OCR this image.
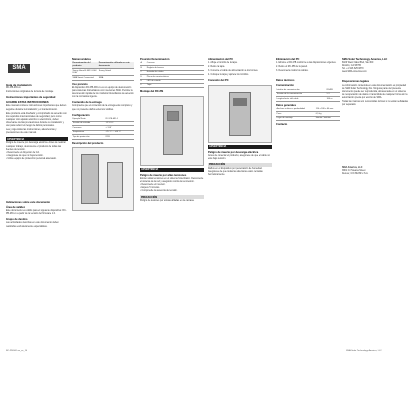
SMA
Guía de instalación
RC-PB-MO-xx
Instrucciones originales de la Guía de montaje
Instrucciones importantes de seguridad
GUARDE ESTAS INSTRUCCIONES
Este manual contiene instrucciones importantes que deben seguirse durante la instalación y el mantenimiento.
Este producto está diseñado y comprobado de acuerdo con los requisitos internacionales de seguridad, pero como cualquier otro aparato eléctrico o electrónico, deben observarse ciertas precauciones durante su instalación y uso para reducir el riesgo de daños personales.
Lea y siga todas las instrucciones, advertencias y precauciones de este manual.
ADVERTENCIA
Peligro de muerte por descarga eléctrica. Antes de realizar cualquier trabajo, desconecte el producto de todas las fuentes de tensión.
• Desconecte el disyuntor de CA.
• Asegúrese de que no haya tensión.
• Utilice equipo de protección personal adecuado.
Indicaciones sobre este documento
Área de validez
Este documento es válido para el siguiente dispositivo: RC-PB-MO-xx a partir de la versión del firmware 1.0.
Grupo de destino
Las actividades descritas en este documento deben realizarlas exclusivamente especialistas.
Números/datos
Denominación del producto	Denominación utilizada en este documento
Sunny Island 4.4M / 6.0H / 8.0H	Sunny Island
SMA Smart Connected	SMA
Uso previsto
El dispositivo RC-PB-MO-xx es un equipo de desconexión para sistemas fotovoltaicos con inversores SMA. Permite la desconexión rápida de los módulos fotovoltaicos de acuerdo con la normativa vigente.
Contenido de la entrega
Compruebe que el contenido de la entrega esté completo y que no presente daños externos visibles.
Configuración
Ejemplo/Texto	RC-PB-MO-1
Tensión de entrada	12 V DC
Consumo	< 3 W
Temperatura	-25 °C ... +60 °C
Tipo de protección	IP65
Descripción del producto
Posición Denominación
A	Carcasa
B	Regleta de bornes
C	Entrada de cables
D	Placa de características
E	LED de estado
F	Tapa
Montaje del RC-PB
ADVERTENCIA
Peligro de muerte por altas tensiones
Existen altas tensiones en el sistema fotovoltaico. Desconecte el sistema de la red y asegúrelo contra la reconexión.
• Desconecte el inversor.
• Espere 5 minutos.
• Compruebe la ausencia de tensión.
PRECAUCIÓN
Peligro de lesiones por aristas afiladas en la carcasa.
Alimentación del PC
1. Afloje el tornillo de la tapa.
2. Retire la tapa.
3. Conecte el cable de alimentación a los bornes.
4. Coloque la tapa y apriete los tornillos.
Conexión del PC
ADVERTENCIA
Peligro de muerte por descarga eléctrica
Antes de conectar el producto, asegúrese de que el cable no esté bajo tensión.
PRECAUCIÓN
Daños en el dispositivo por penetración de humedad. Asegúrese de que todas las aberturas estén cerradas herméticamente.
Eliminación del PC
1. Elimine el RC-PB conforme a las disposiciones vigentes.
2. Retire el RC-PB de la pared.
3. Desconecte todos los cables.
Datos técnicos
Comunicación
Interfaz de comunicación	RS485
Tensión de la comunicación	5 V
Longitud máx. del cable	100 m
Datos generales
Anchura x altura x profundidad	114 x 180 x 60 mm
Peso	0,5 kg
Lugar de montaje	Interior / exterior
Contacto
SMA Solar Technology America, LLC
6020 West Oaks Blvd, Ste 300
Rocklin, CA 95765
Tel. +1 916 625 0870
www.SMA-America.com
Disposiciones legales
La información contenida en esta documentación es propiedad de SMA Solar Technology AG. Ninguna parte del presente documento puede ser reproducida, almacenada en un sistema de recuperación de datos o transmitida de cualquier forma sin la autorización previa por escrito de SMA.
Todas las marcas son reconocidas incluso si no están señaladas por separado.
SMA America, LLC
3801 N. Havana Street
Denver, CO 80239 U.S.A.
RC-PB-MO-xx_es_10	SMA Solar Technology America, LLC
